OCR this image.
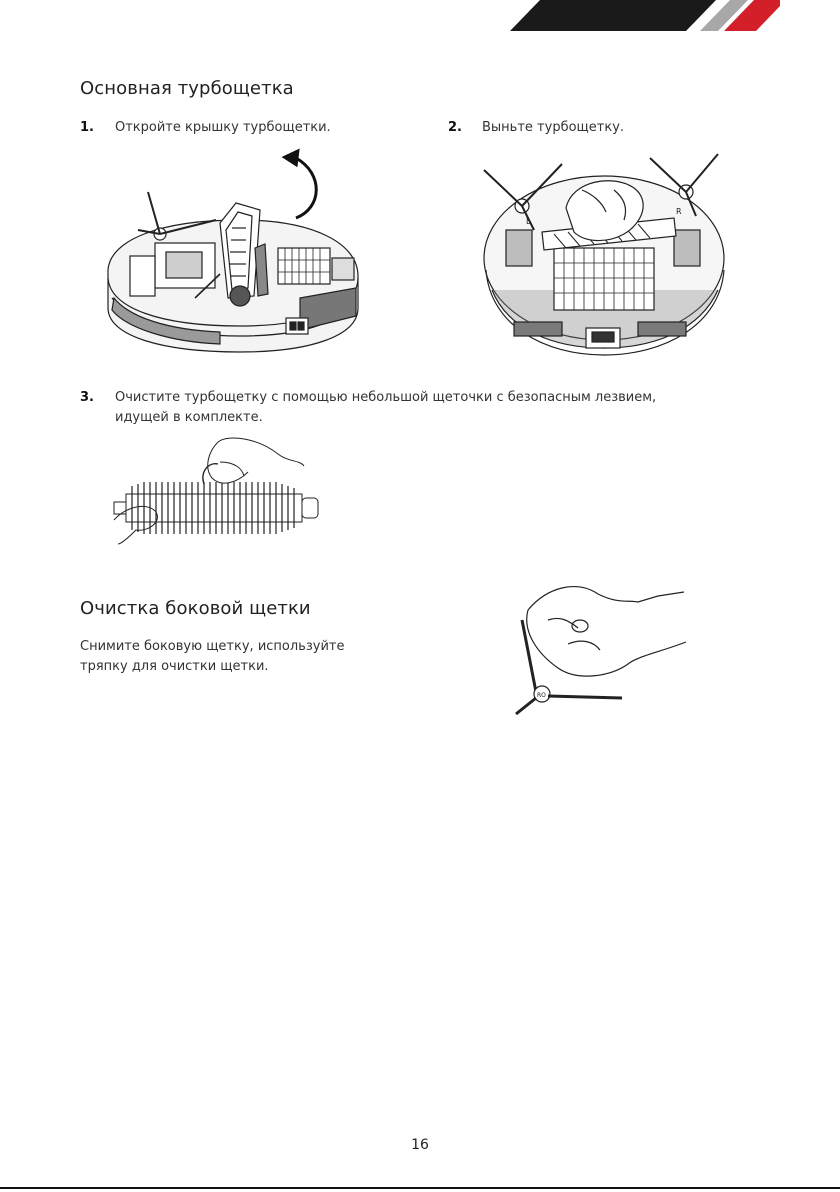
Основная турбощетка
1. Откройте крышку турбощетки.	2. Выньте турбощетку.
L
R
3. Очистите турбощетку с помощью небольшой щеточки с безопасным лезвием, идущей в комплекте.
Очистка боковой щетки

Снимите боковую щетку, используйте тряпку для очистки щетки.

RO
16
